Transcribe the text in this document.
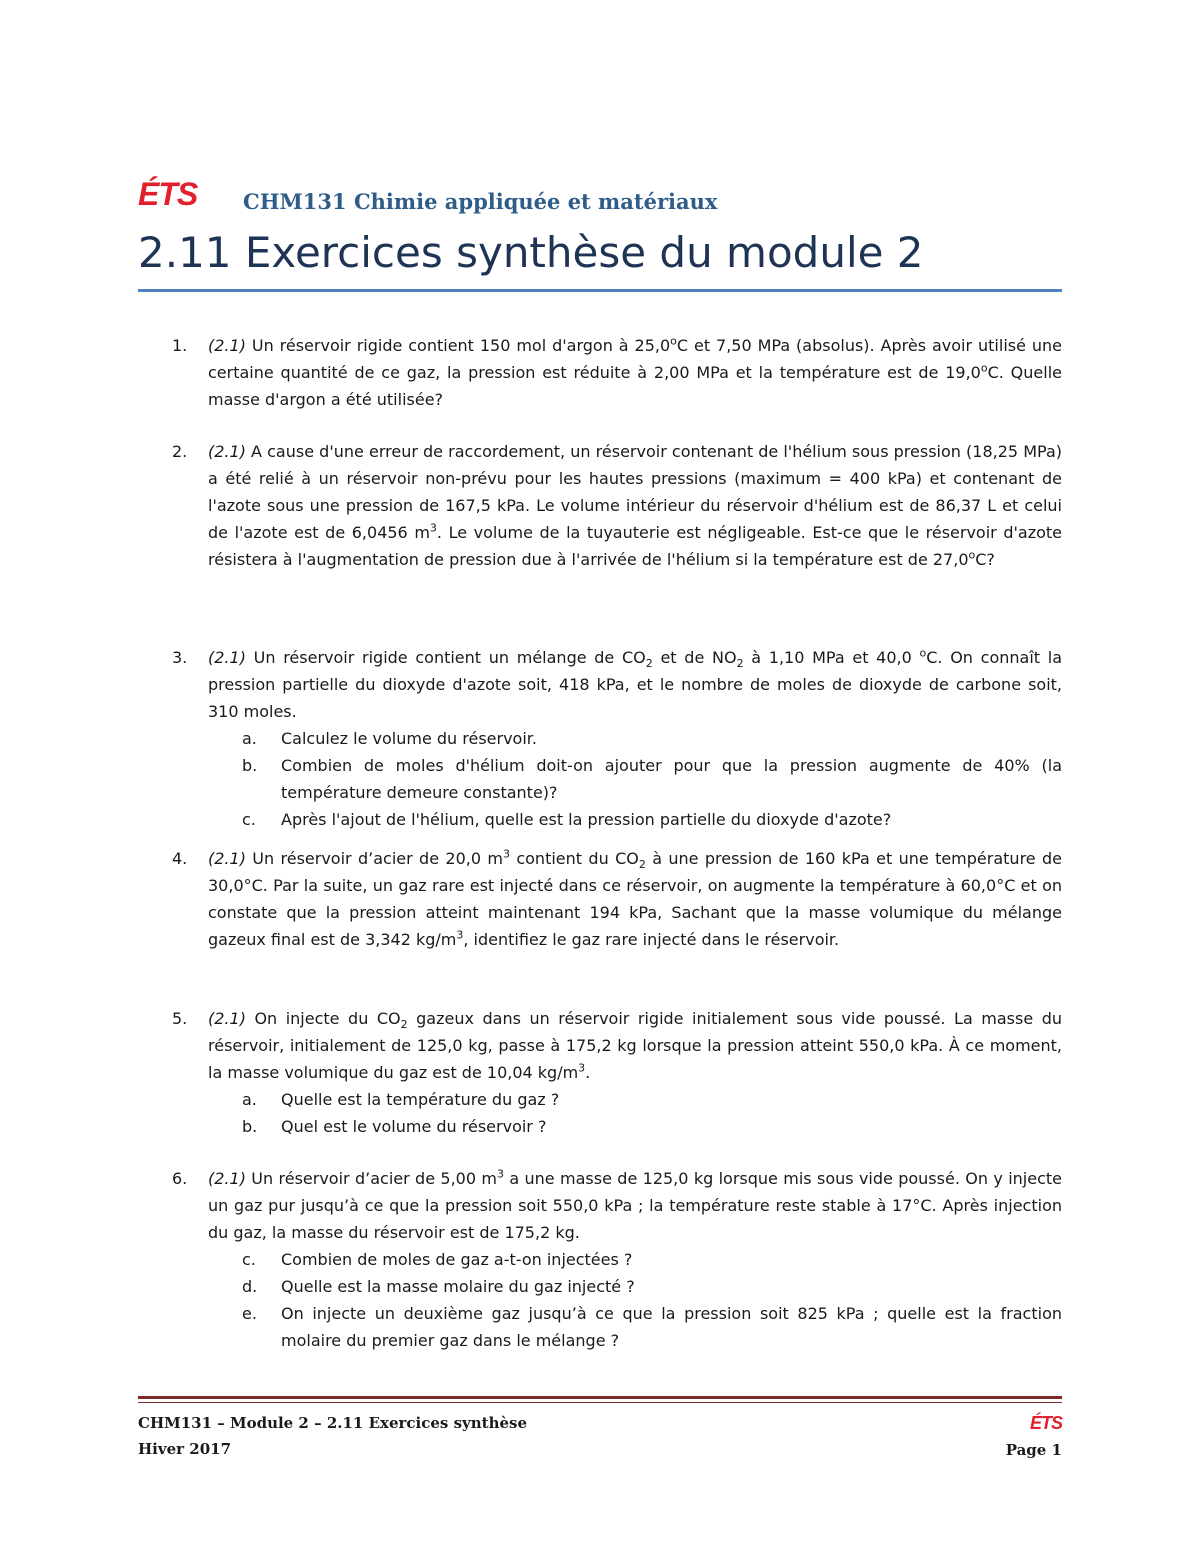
ÉTS CHM131 Chimie appliquée et matériaux
2.11 Exercices synthèse du module 2
1. (2.1) Un réservoir rigide contient 150 mol d'argon à 25,0$^o$C et 7,50 MPa (absolus). Après avoir utilisé une certaine quantité de ce gaz, la pression est réduite à 2,00 MPa et la température est de 19,0$^o$C. Quelle masse d'argon a été utilisée?
2. (2.1) A cause d'une erreur de raccordement, un réservoir contenant de l'hélium sous pression (18,25 MPa) a été relié à un réservoir non-prévu pour les hautes pressions (maximum = 400 kPa) et contenant de l'azote sous une pression de 167,5 kPa. Le volume intérieur du réservoir d'hélium est de 86,37 L et celui de l'azote est de 6,0456 $m^3$. Le volume de la tuyauterie est négligeable. Est-ce que le réservoir d'azote résistera à l'augmentation de pression due à l'arrivée de l'hélium si la température est de 27,0$^o$C?
3. (2.1) Un réservoir rigide contient un mélange de $CO_2$ et de $NO_2$ à 1,10 MPa et 40,0 $^o$C. On connaît la pression partielle du dioxyde d'azote soit, 418 kPa, et le nombre de moles de dioxyde de carbone soit, 310 moles.
a. Calculez le volume du réservoir.
b. Combien de moles d'hélium doit-on ajouter pour que la pression augmente de 40% (la température demeure constante)?
c. Après l'ajout de l'hélium, quelle est la pression partielle du dioxyde d'azote?
4. (2.1) Un réservoir d’acier de 20,0 $m^3$ contient du $CO_2$ à une pression de 160 kPa et une température de 30,0°C. Par la suite, un gaz rare est injecté dans ce réservoir, on augmente la température à 60,0°C et on constate que la pression atteint maintenant 194 kPa, Sachant que la masse volumique du mélange gazeux final est de 3,342 $kg/m^3$, identifiez le gaz rare injecté dans le réservoir.
5. (2.1) On injecte du $CO_2$ gazeux dans un réservoir rigide initialement sous vide poussé. La masse du réservoir, initialement de 125,0 kg, passe à 175,2 kg lorsque la pression atteint 550,0 kPa. À ce moment, la masse volumique du gaz est de 10,04 $kg/m^3$.
a. Quelle est la température du gaz ?
b. Quel est le volume du réservoir ?
6. (2.1) Un réservoir d’acier de 5,00 $m^3$ a une masse de 125,0 kg lorsque mis sous vide poussé. On y injecte un gaz pur jusqu’à ce que la pression soit 550,0 kPa ; la température reste stable à 17°C. Après injection du gaz, la masse du réservoir est de 175,2 kg.
c. Combien de moles de gaz a-t-on injectées ?
d. Quelle est la masse molaire du gaz injecté ?
e. On injecte un deuxième gaz jusqu’à ce que la pression soit 825 kPa ; quelle est la fraction molaire du premier gaz dans le mélange ?
CHM131 – Module 2 – 2.11 Exercices synthèse
Hiver 2017
ÉTS
Page 1
